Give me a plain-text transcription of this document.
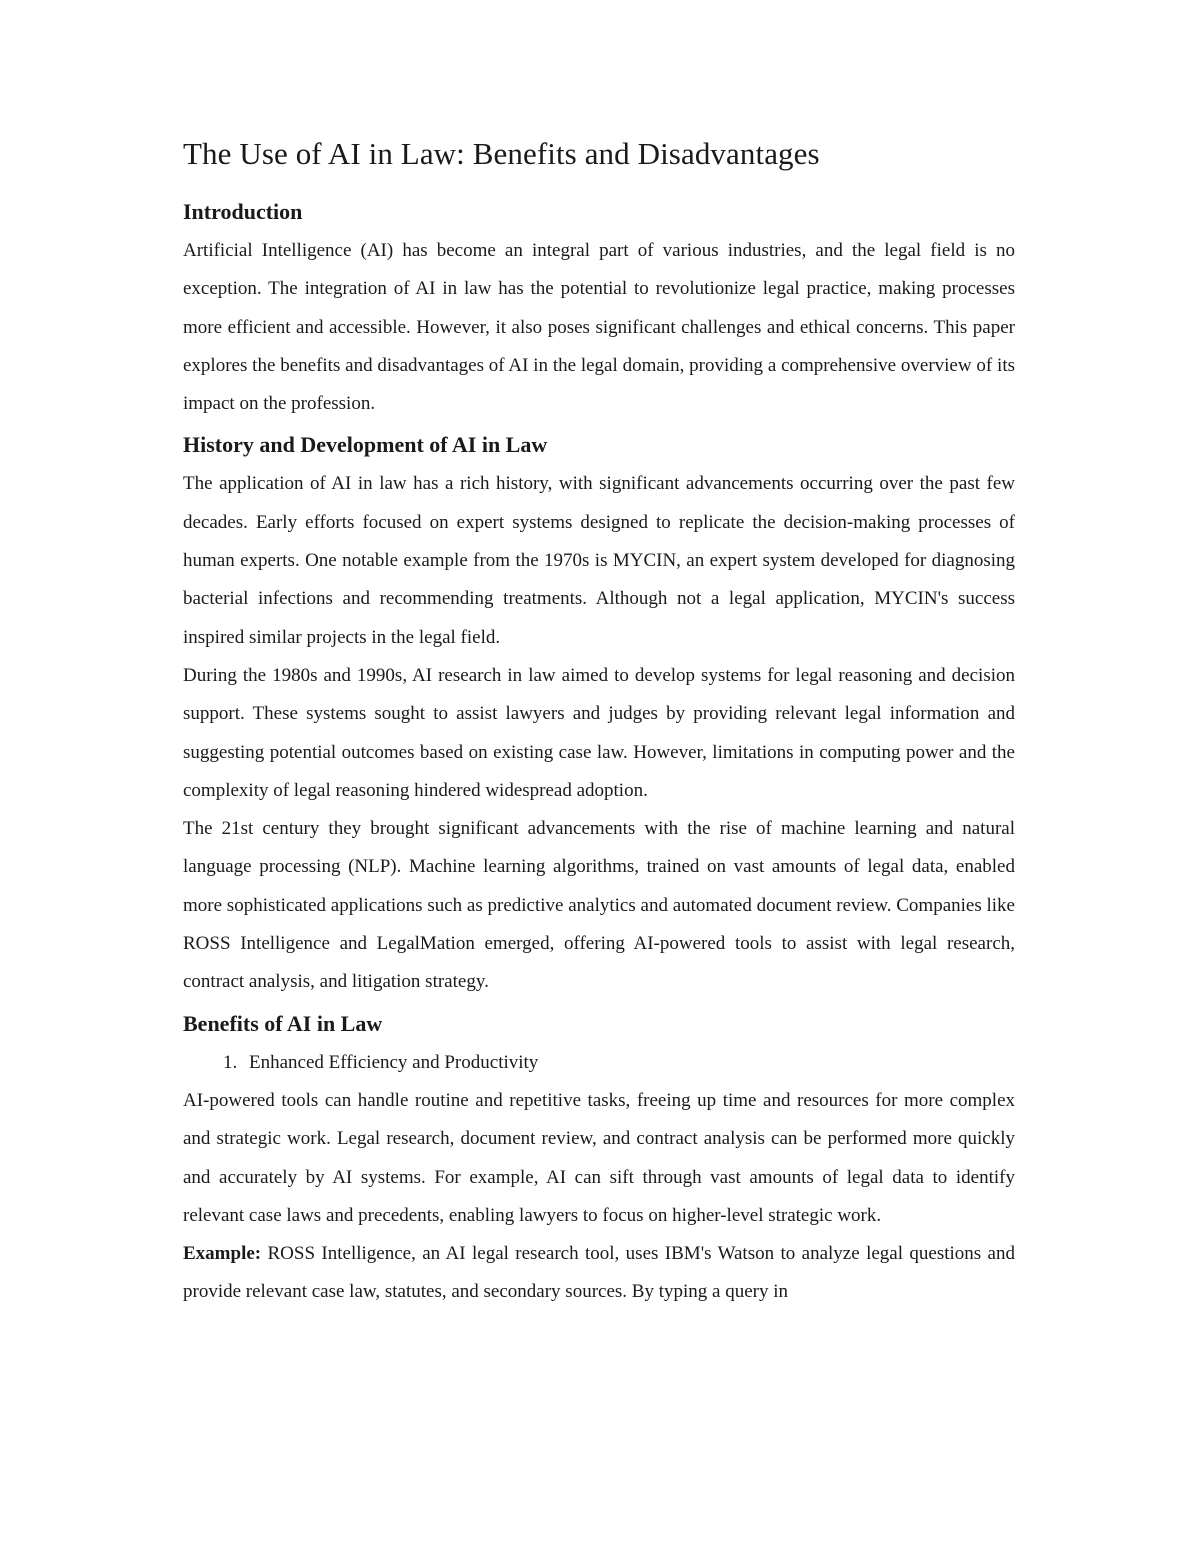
The Use of AI in Law: Benefits and Disadvantages
Introduction

Artificial Intelligence (AI) has become an integral part of various industries, and the legal field is no exception. The integration of AI in law has the potential to revolutionize legal practice, making processes more efficient and accessible. However, it also poses significant challenges and ethical concerns. This paper explores the benefits and disadvantages of AI in the legal domain, providing a comprehensive overview of its impact on the profession.

History and Development of AI in Law

The application of AI in law has a rich history, with significant advancements occurring over the past few decades. Early efforts focused on expert systems designed to replicate the decision-making processes of human experts. One notable example from the 1970s is MYCIN, an expert system developed for diagnosing bacterial infections and recommending treatments. Although not a legal application, MYCIN's success inspired similar projects in the legal field.

During the 1980s and 1990s, AI research in law aimed to develop systems for legal reasoning and decision support. These systems sought to assist lawyers and judges by providing relevant legal information and suggesting potential outcomes based on existing case law. However, limitations in computing power and the complexity of legal reasoning hindered widespread adoption.

The 21st century they brought significant advancements with the rise of machine learning and natural language processing (NLP). Machine learning algorithms, trained on vast amounts of legal data, enabled more sophisticated applications such as predictive analytics and automated document review. Companies like ROSS Intelligence and LegalMation emerged, offering AI-powered tools to assist with legal research, contract analysis, and litigation strategy.

Benefits of AI in Law
1. Enhanced Efficiency and Productivity

AI-powered tools can handle routine and repetitive tasks, freeing up time and resources for more complex and strategic work. Legal research, document review, and contract analysis can be performed more quickly and accurately by AI systems. For example, AI can sift through vast amounts of legal data to identify relevant case laws and precedents, enabling lawyers to focus on higher-level strategic work.

Example: ROSS Intelligence, an AI legal research tool, uses IBM's Watson to analyze legal questions and provide relevant case law, statutes, and secondary sources. By typing a query in
